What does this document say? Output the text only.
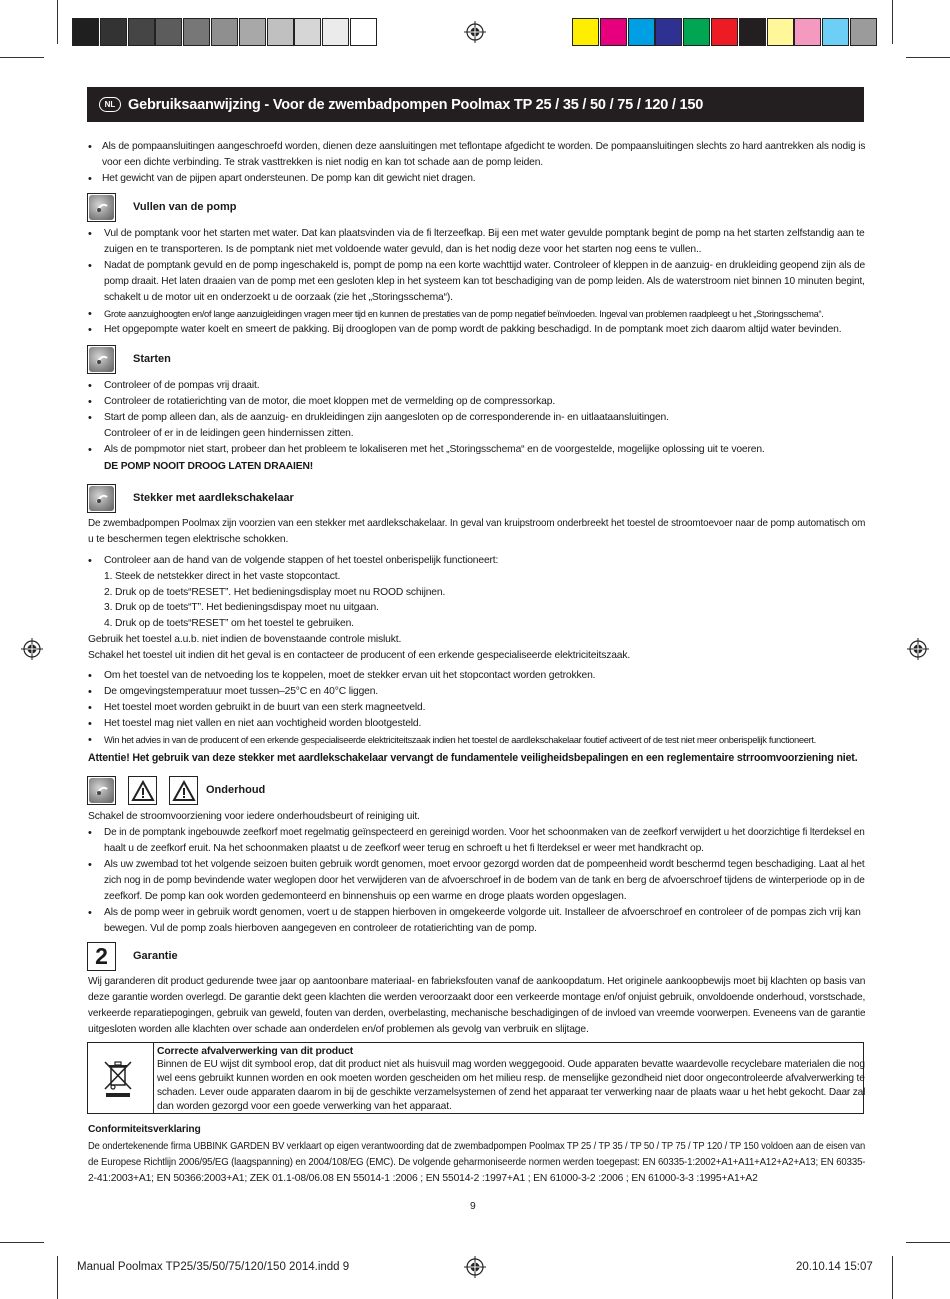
NL Gebruiksaanwijzing - Voor de zwembadpompen Poolmax TP 25 / 35 / 50 / 75 / 120 / 150
• Als de pompaansluitingen aangeschroefd worden, dienen deze aansluitingen met teflontape afgedicht te worden. De pompaansluitingen slechts zo hard aantrekken als nodig is
voor een dichte verbinding. Te strak vasttrekken is niet nodig en kan tot schade aan de pomp leiden.
• Het gewicht van de pijpen apart ondersteunen. De pomp kan dit gewicht niet dragen.
Vullen van de pomp
• Vul de pomptank voor het starten met water. Dat kan plaatsvinden via de fi lterzeefkap. Bij een met water gevulde pomptank begint de pomp na het starten zelfstandig aan te
zuigen en te transporteren. Is de pomptank niet met voldoende water gevuld, dan is het nodig deze voor het starten nog eens te vullen..
• Nadat de pomptank gevuld en de pomp ingeschakeld is, pompt de pomp na een korte wachttijd water. Controleer of kleppen in de aanzuig- en drukleiding geopend zijn als de
pomp draait. Het laten draaien van de pomp met een gesloten klep in het systeem kan tot beschadiging van de pomp leiden. Als de waterstroom niet binnen 10 minuten begint,
schakelt u de motor uit en onderzoekt u de oorzaak (zie het „Storingsschema“).
• Grote aanzuighoogten en/of lange aanzuigleidingen vragen meer tijd en kunnen de prestaties van de pomp negatief beïnvloeden. Ingeval van problemen raadpleegt u het „Storingsschema“.
• Het opgepompte water koelt en smeert de pakking. Bij drooglopen van de pomp wordt de pakking beschadigd. In de pomptank moet zich daarom altijd water bevinden.
Starten
• Controleer of de pompas vrij draait.
• Controleer de rotatierichting van de motor, die moet kloppen met de vermelding op de compressorkap.
• Start de pomp alleen dan, als de aanzuig- en drukleidingen zijn aangesloten op de corresponderende in- en uitlaataansluitingen.
Controleer of er in de leidingen geen hindernissen zitten.
• Als de pompmotor niet start, probeer dan het probleem te lokaliseren met het „Storingsschema“ en de voorgestelde, mogelijke oplossing uit te voeren.
DE POMP NOOIT DROOG LATEN DRAAIEN!
Stekker met aardlekschakelaar
De zwembadpompen Poolmax zijn voorzien van een stekker met aardlekschakelaar. In geval van kruipstroom onderbreekt het toestel de stroomtoevoer naar de pomp automatisch om
u te beschermen tegen elektrische schokken.
• Controleer aan de hand van de volgende stappen of het toestel onberispelijk functioneert:
1. Steek de netstekker direct in het vaste stopcontact.
2. Druk op de toets“RESET”. Het bedieningsdisplay moet nu ROOD schijnen.
3. Druk op de toets“T”. Het bedieningsdispay moet nu uitgaan.
4. Druk op de toets“RESET” om het toestel te gebruiken.
Gebruik het toestel a.u.b. niet indien de bovenstaande controle mislukt.
Schakel het toestel uit indien dit het geval is en contacteer de producent of een erkende gespecialiseerde elektriciteitszaak.
• Om het toestel van de netvoeding los te koppelen, moet de stekker ervan uit het stopcontact worden getrokken.
• De omgevingstemperatuur moet tussen–25°C en 40°C liggen.
• Het toestel moet worden gebruikt in de buurt van een sterk magneetveld.
• Het toestel mag niet vallen en niet aan vochtigheid worden blootgesteld.
• Win het advies in van de producent of een erkende gespecialiseerde elektriciteitszaak indien het toestel de aardlekschakelaar foutief activeert of de test niet meer onberispelijk functioneert.
Attentie! Het gebruik van deze stekker met aardlekschakelaar vervangt de fundamentele veiligheidsbepalingen en een reglementaire strroomvoorziening niet.
Onderhoud
Schakel de stroomvoorziening voor iedere onderhoudsbeurt of reiniging uit.
• De in de pomptank ingebouwde zeefkorf moet regelmatig geïnspecteerd en gereinigd worden. Voor het schoonmaken van de zeefkorf verwijdert u het doorzichtige fi lterdeksel en
haalt u de zeefkorf eruit. Na het schoonmaken plaatst u de zeefkorf weer terug en schroeft u het fi lterdeksel er weer met handkracht op.
• Als uw zwembad tot het volgende seizoen buiten gebruik wordt genomen, moet ervoor gezorgd worden dat de pompeenheid wordt beschermd tegen beschadiging. Laat al het
zich nog in de pomp bevindende water weglopen door het verwijderen van de afvoerschroef in de bodem van de tank en berg de afvoerschroef tijdens de winterperiode op in de
zeefkorf. De pomp kan ook worden gedemonteerd en binnenshuis op een warme en droge plaats worden opgeslagen.
• Als de pomp weer in gebruik wordt genomen, voert u de stappen hierboven in omgekeerde volgorde uit. Installeer de afvoerschroef en controleer of de pompas zich vrij kan
bewegen. Vul de pomp zoals hierboven aangegeven en controleer de rotatierichting van de pomp.
2 Garantie
Wij garanderen dit product gedurende twee jaar op aantoonbare materiaal- en fabrieksfouten vanaf de aankoopdatum. Het originele aankoopbewijs moet bij klachten op basis van
deze garantie worden overlegd. De garantie dekt geen klachten die werden veroorzaakt door een verkeerde montage en/of onjuist gebruik, onvoldoende onderhoud, vorstschade,
verkeerde reparatiepogingen, gebruik van geweld, fouten van derden, overbelasting, mechanische beschadigingen of de invloed van vreemde voorwerpen. Eveneens van de garantie
uitgesloten worden alle klachten over schade aan onderdelen en/of problemen als gevolg van verbruik en slijtage.
Correcte afvalverwerking van dit product
Binnen de EU wijst dit symbool erop, dat dit product niet als huisvuil mag worden weggegooid. Oude apparaten bevatte waardevolle recyclebare materialen die nog
wel eens gebruikt kunnen worden en ook moeten worden gescheiden om het milieu resp. de menselijke gezondheid niet door ongecontroleerde afvalverwerking te
schaden. Lever oude apparaten daarom in bij de geschikte verzamelsystemen of zend het apparaat ter verwerking naar de plaats waar u het hebt gekocht. Daar zal
dan worden gezorgd voor een goede verwerking van het apparaat.
Conformiteitsverklaring
De ondertekenende firma UBBINK GARDEN BV verklaart op eigen verantwoording dat de zwembadpompen Poolmax TP 25 / TP 35 / TP 50 / TP 75 / TP 120 / TP 150 voldoen aan de eisen van
de Europese Richtlijn 2006/95/EG (laagspanning) en 2004/108/EG (EMC). De volgende geharmoniseerde normen werden toegepast: EN 60335-1:2002+A1+A11+A12+A2+A13; EN 60335-
2-41:2003+A1; EN 50366:2003+A1; ZEK 01.1-08/06.08 EN 55014-1 :2006 ; EN 55014-2 :1997+A1 ; EN 61000-3-2 :2006 ; EN 61000-3-3 :1995+A1+A2
9
Manual Poolmax TP25/35/50/75/120/150 2014.indd 9	20.10.14 15:07
